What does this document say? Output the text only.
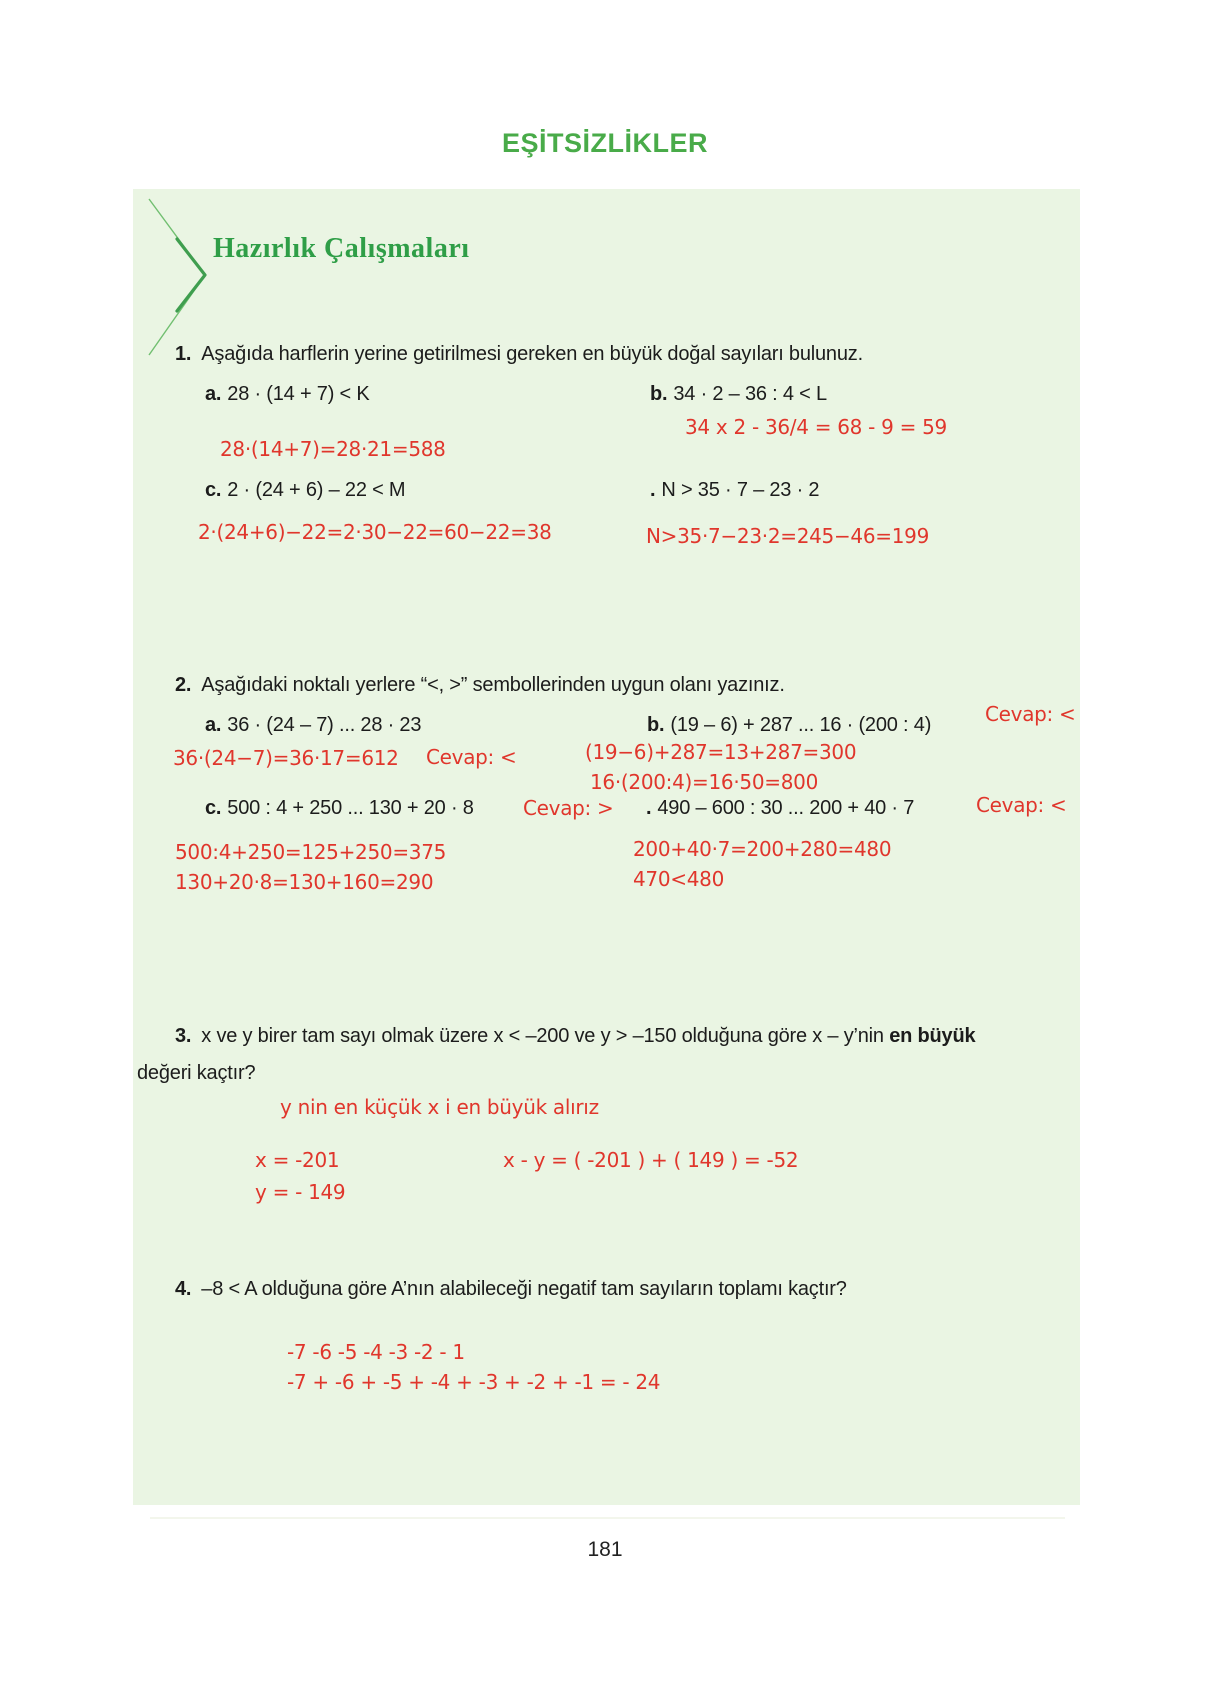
EŞİTSİZLİKLER
Hazırlık Çalışmaları
1. Aşağıda harflerin yerine getirilmesi gereken en büyük doğal sayıları bulunuz.
a. 28 · (14 + 7) < K	b. 34 · 2 – 36 : 4 < L
34 x 2 - 36/4 = 68 - 9 = 59
28·(14+7)=28·21=588
c. 2 · (24 + 6) – 22 < M	. N > 35 · 7 – 23 · 2
2·(24+6)−22=2·30−22=60−22=38	N>35·7−23·2=245−46=199
2. Aşağıdaki noktalı yerlere “<, >” sembollerinden uygun olanı yazınız.
a. 36 · (24 – 7) ... 28 · 23	b. (19 – 6) + 287 ... 16 · (200 : 4)	Cevap: <
36·(24−7)=36·17=612 Cevap: <	(19−6)+287=13+287=300
16·(200:4)=16·50=800
c. 500 : 4 + 250 ... 130 + 20 · 8 Cevap: > . 490 – 600 : 30 ... 200 + 40 · 7	Cevap: <
500:4+250=125+250=375
130+20·8=130+160=290
200+40·7=200+280=480
470<480
3. x ve y birer tam sayı olmak üzere x < –200 ve y > –150 olduğuna göre x – y’nin en büyük
değeri kaçtır?
y nin en küçük x i en büyük alırız
x = -201	x - y = ( -201 ) + ( 149 ) = -52
y = - 149
4. –8 < A olduğuna göre A’nın alabileceği negatif tam sayıların toplamı kaçtır?
-7 -6 -5 -4 -3 -2 - 1
-7 + -6 + -5 + -4 + -3 + -2 + -1 = - 24
181
